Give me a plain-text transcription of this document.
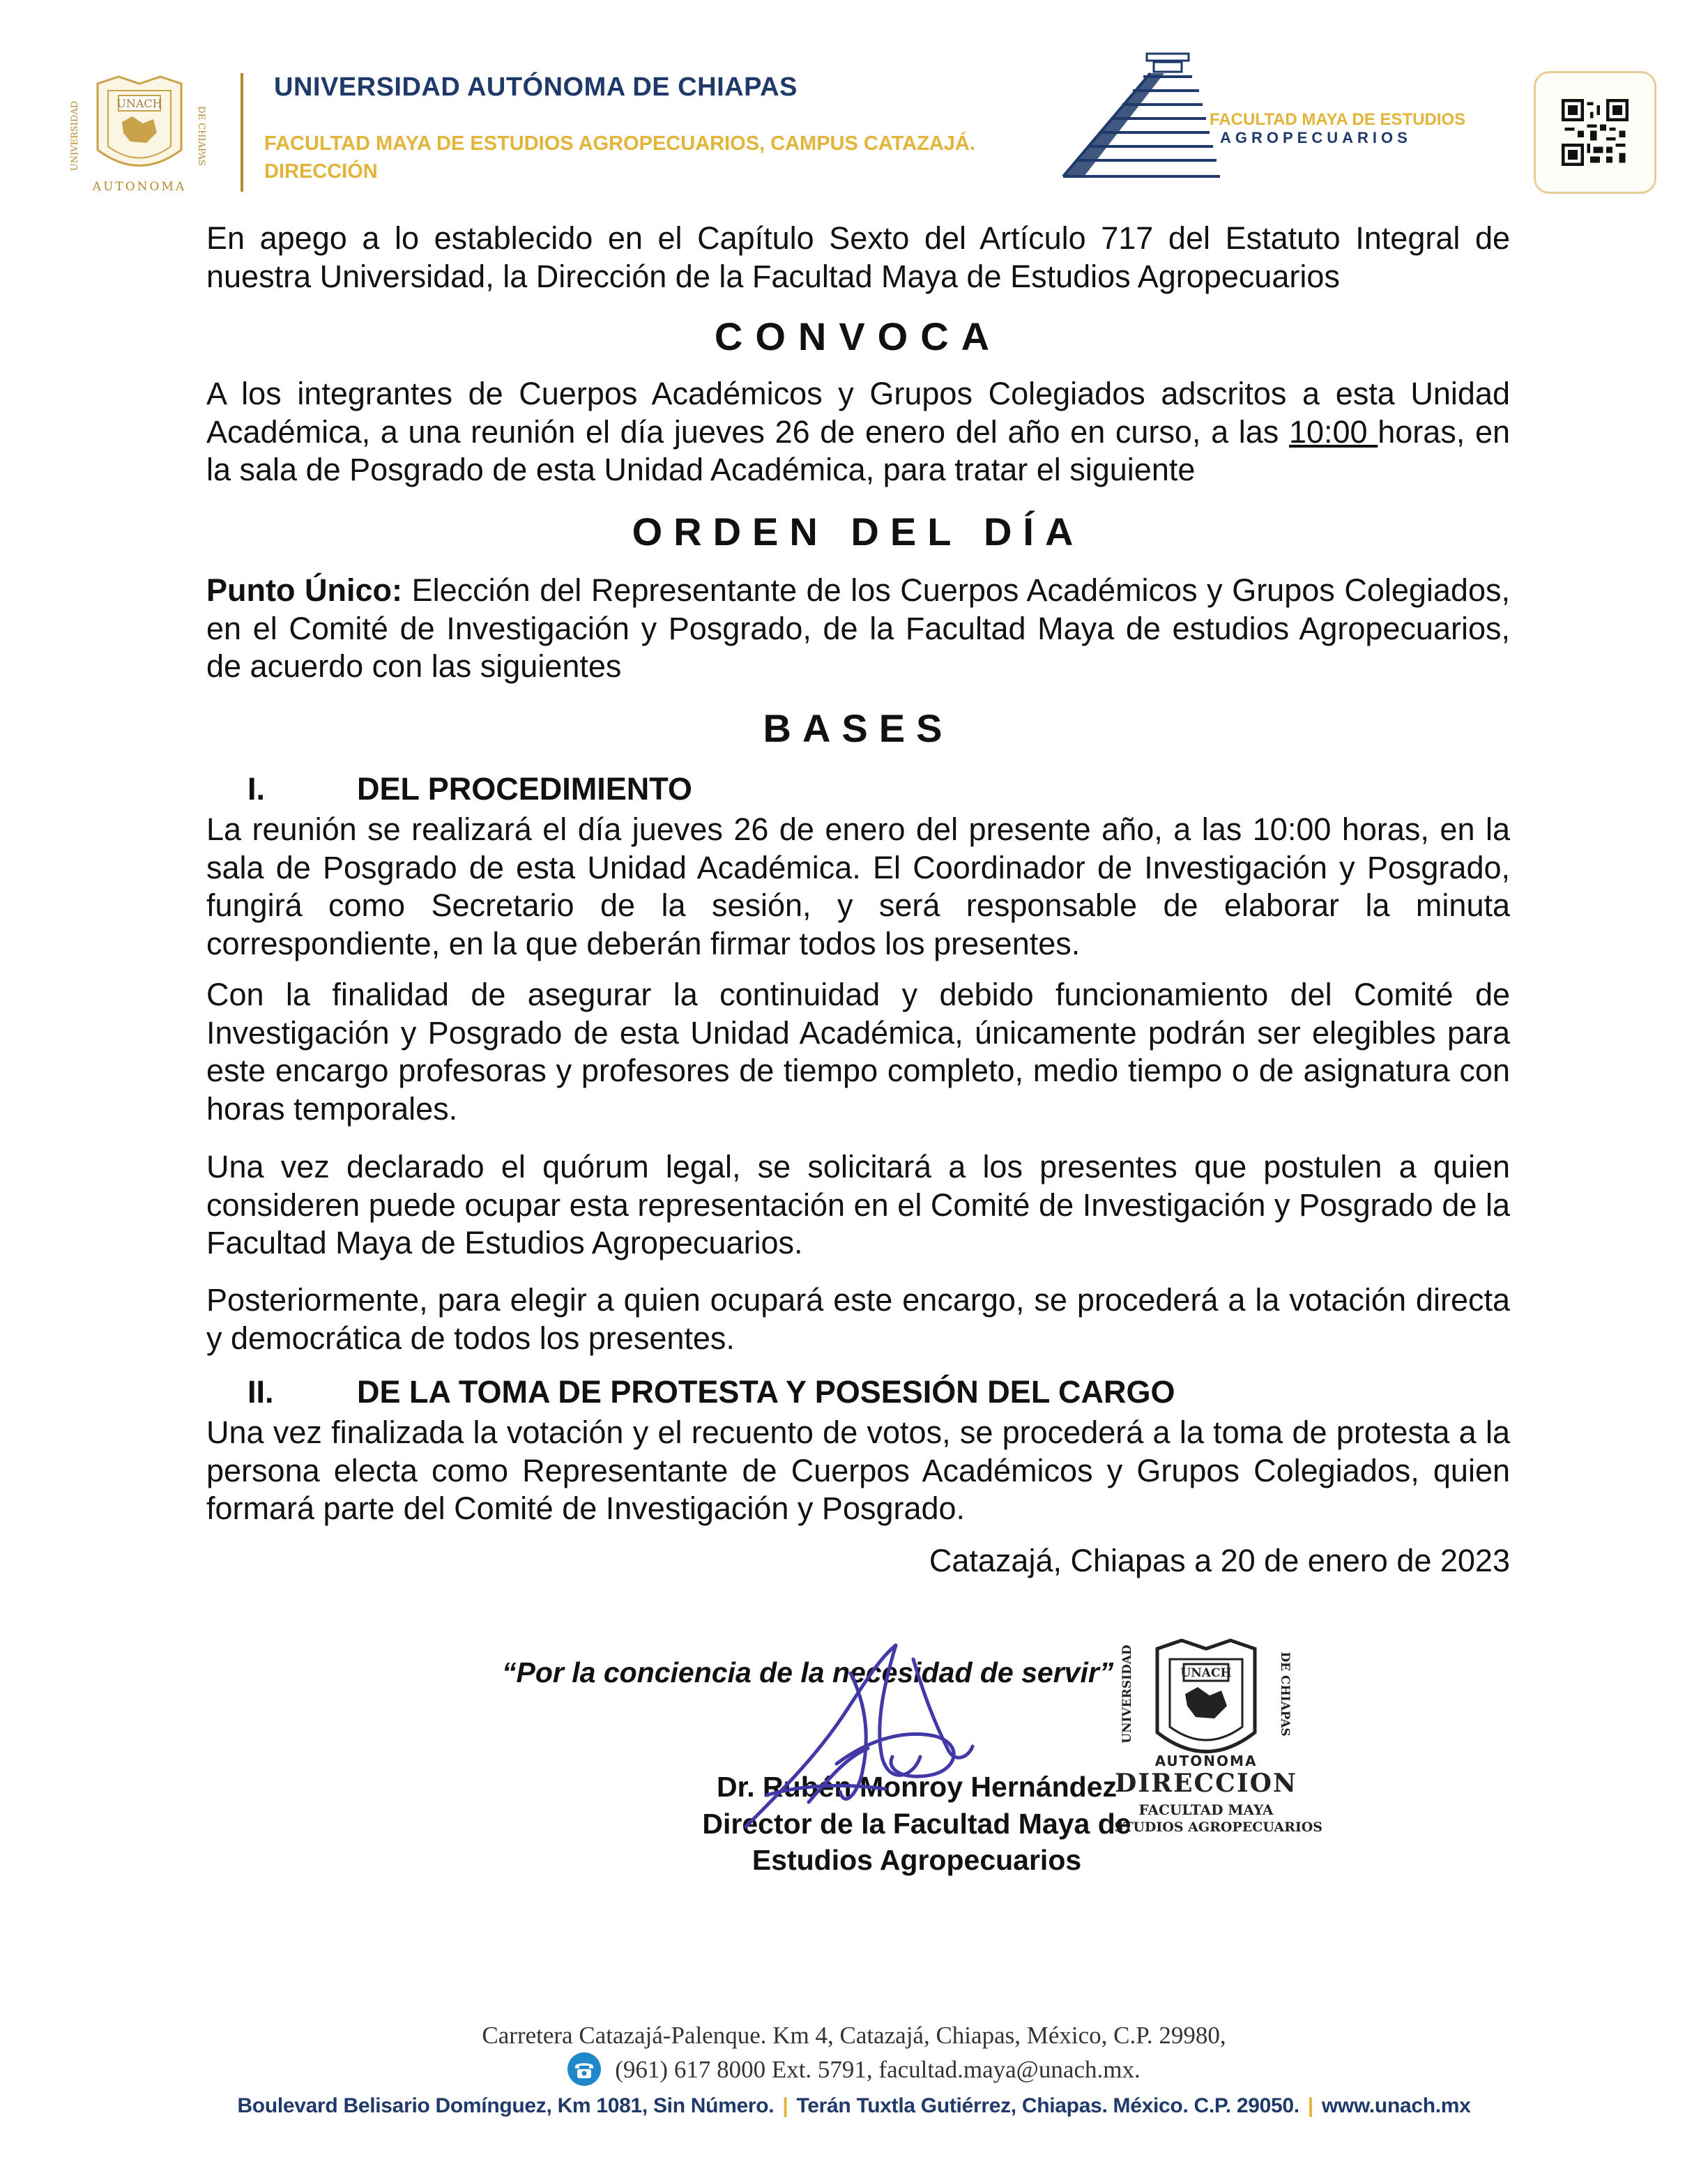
UNACH
UNIVERSIDAD	DE CHIAPAS
AUTONOMA
UNIVERSIDAD AUTÓNOMA DE CHIAPAS
FACULTAD MAYA DE ESTUDIOS AGROPECUARIOS, CAMPUS CATAZAJÁ.
DIRECCIÓN
FACULTAD MAYA DE ESTUDIOS
AGROPECUARIOS
En apego a lo establecido en el Capítulo Sexto del Artículo 717 del Estatuto Integral de nuestra Universidad, la Dirección de la Facultad Maya de Estudios Agropecuarios
CONVOCA
A los integrantes de Cuerpos Académicos y Grupos Colegiados adscritos a esta Unidad Académica, a una reunión el día jueves 26 de enero del año en curso, a las 10:00 horas, en la sala de Posgrado de esta Unidad Académica, para tratar el siguiente
ORDEN DEL DÍA
Punto Único: Elección del Representante de los Cuerpos Académicos y Grupos Colegiados, en el Comité de Investigación y Posgrado, de la Facultad Maya de estudios Agropecuarios, de acuerdo con las siguientes
BASES
I.	DEL PROCEDIMIENTO
La reunión se realizará el día jueves 26 de enero del presente año, a las 10:00 horas, en la sala de Posgrado de esta Unidad Académica. El Coordinador de Investigación y Posgrado, fungirá como Secretario de la sesión, y será responsable de elaborar la minuta correspondiente, en la que deberán firmar todos los presentes.
Con la finalidad de asegurar la continuidad y debido funcionamiento del Comité de Investigación y Posgrado de esta Unidad Académica, únicamente podrán ser elegibles para este encargo profesoras y profesores de tiempo completo, medio tiempo o de asignatura con horas temporales.
Una vez declarado el quórum legal, se solicitará a los presentes que postulen a quien consideren puede ocupar esta representación en el Comité de Investigación y Posgrado de la Facultad Maya de Estudios Agropecuarios.
Posteriormente, para elegir a quien ocupará este encargo, se procederá a la votación directa y democrática de todos los presentes.
II.	DE LA TOMA DE PROTESTA Y POSESIÓN DEL CARGO
Una vez finalizada la votación y el recuento de votos, se procederá a la toma de protesta a la persona electa como Representante de Cuerpos Académicos y Grupos Colegiados, quien formará parte del Comité de Investigación y Posgrado.
Catazajá, Chiapas a 20 de enero de 2023
UNACH
UNIVERSIDAD	DE CHIAPAS
AUTONOMA
DIRECCION
FACULTAD MAYA
ESTUDIOS AGROPECUARIOS
“Por la conciencia de la necesidad de servir”
Dr. Rubén Monroy Hernández
Director de la Facultad Maya de
Estudios Agropecuarios
Carretera Catazajá-Palenque. Km 4, Catazajá, Chiapas, México, C.P. 29980,
(961) 617 8000 Ext. 5791, facultad.maya@unach.mx.
Boulevard Belisario Domínguez, Km 1081, Sin Número. | Terán Tuxtla Gutiérrez, Chiapas. México. C.P. 29050. | www.unach.mx
